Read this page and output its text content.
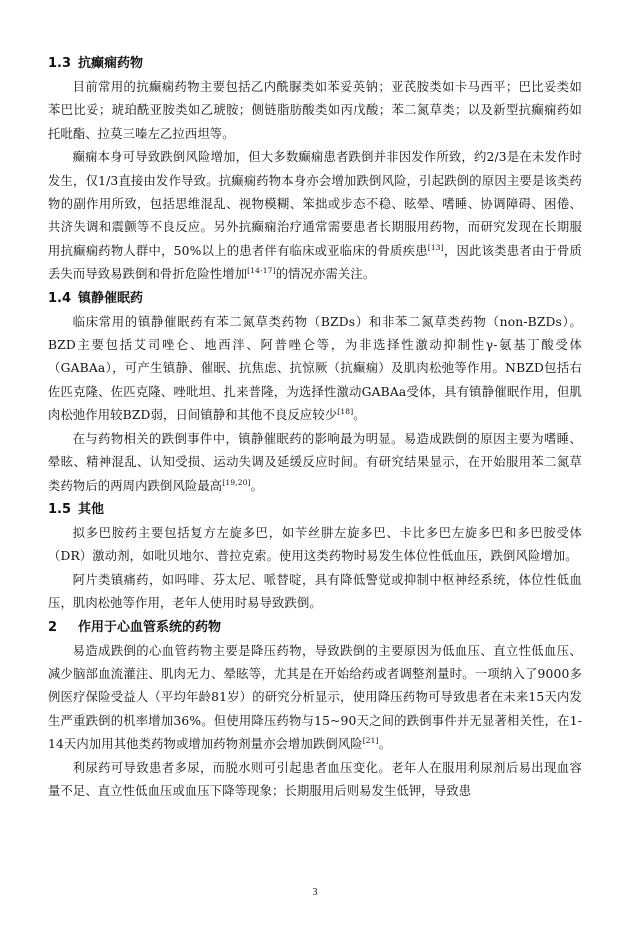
1.3 抗癫痫药物

目前常用的抗癫痫药物主要包括乙内酰脲类如苯妥英钠；亚芪胺类如卡马西平；巴比妥类如苯巴比妥；琥珀酰亚胺类如乙琥胺；侧链脂肪酸类如丙戊酸；苯二氮草类；以及新型抗癫痫药如托吡酯、拉莫三嗪左乙拉西坦等。

癫痫本身可导致跌倒风险增加，但大多数癫痫患者跌倒并非因发作所致，约2/3是在未发作时发生，仅1/3直接由发作导致。抗癫痫药物本身亦会增加跌倒风险，引起跌倒的原因主要是该类药物的副作用所致，包括思维混乱、视物模糊、笨拙或步态不稳、眩晕、嗜睡、协调障碍、困倦、共济失调和震颤等不良反应。另外抗癫痫治疗通常需要患者长期服用药物，而研究发现在长期服用抗癫痫药物人群中，50%以上的患者伴有临床或亚临床的骨质疾患[13]，因此该类患者由于骨质丢失而导致易跌倒和骨折危险性增加[14-17]的情况亦需关注。

1.4 镇静催眠药

临床常用的镇静催眠药有苯二氮草类药物（BZDs）和非苯二氮草类药物（non-BZDs）。BZD主要包括艾司唑仑、地西泮、阿普唑仑等，为非选择性激动抑制性γ-氨基丁酸受体（GABAa），可产生镇静、催眠、抗焦虑、抗惊厥（抗癫痫）及肌肉松弛等作用。NBZD包括右佐匹克隆、佐匹克隆、唑吡坦、扎来普隆，为选择性激动GABAa受体，具有镇静催眠作用，但肌肉松弛作用较BZD弱，日间镇静和其他不良反应较少[18]。

在与药物相关的跌倒事件中，镇静催眠药的影响最为明显。易造成跌倒的原因主要为嗜睡、晕眩、精神混乱、认知受损、运动失调及延缓反应时间。有研究结果显示，在开始服用苯二氮草类药物后的两周内跌倒风险最高[19,20]。

1.5 其他

拟多巴胺药主要包括复方左旋多巴，如苄丝肼左旋多巴、卡比多巴左旋多巴和多巴胺受体（DR）激动剂，如吡贝地尔、普拉克索。使用这类药物时易发生体位性低血压，跌倒风险增加。

阿片类镇痛药，如吗啡、芬太尼、哌替啶，具有降低警觉或抑制中枢神经系统，体位性低血压，肌肉松弛等作用，老年人使用时易导致跌倒。

2 作用于心血管系统的药物

易造成跌倒的心血管药物主要是降压药物，导致跌倒的主要原因为低血压、直立性低血压、减少脑部血流灌注、肌肉无力、晕眩等，尤其是在开始给药或者调整剂量时。一项纳入了9000多例医疗保险受益人（平均年龄81岁）的研究分析显示，使用降压药物可导致患者在未来15天内发生严重跌倒的机率增加36%。但使用降压药物与15~90天之间的跌倒事件并无显著相关性，在1-14天内加用其他类药物或增加药物剂量亦会增加跌倒风险[21]。

利尿药可导致患者多尿，而脱水则可引起患者血压变化。老年人在服用利尿剂后易出现血容量不足、直立性低血压或血压下降等现象；长期服用后则易发生低钾，导致患

3
